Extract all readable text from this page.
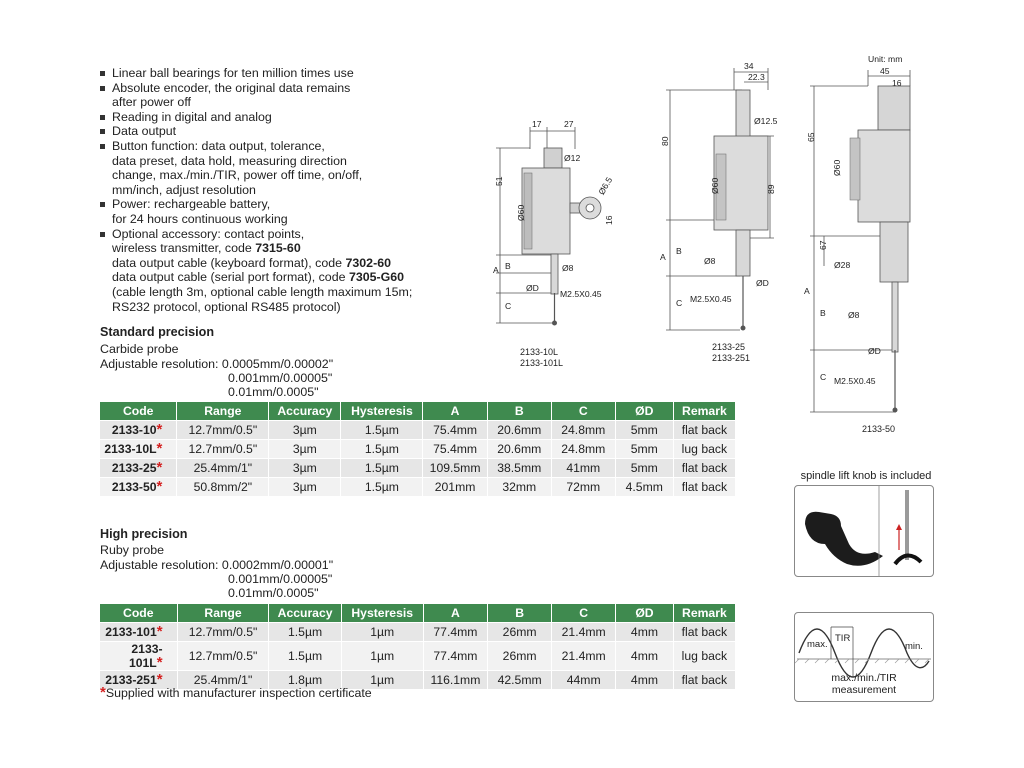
Linear ball bearings for ten million times use
Absolute encoder, the original data remains
after power off
Reading in digital and analog
Data output
Button function: data output, tolerance,
data preset, data hold, measuring direction
change, max./min./TIR, power off time, on/off,
mm/inch, adjust resolution
Power: rechargeable battery,
for 24 hours continuous working
Optional accessory: contact points,
wireless transmitter, code 7315-60
data output cable (keyboard format), code 7302-60
data output cable (serial port format), code 7305-G60
(cable length 3m, optional cable length maximum 15m;
RS232 protocol, optional RS485 protocol)
Standard precision
Carbide probe
Adjustable resolution: 0.0005mm/0.00002"
0.001mm/0.00005"
0.01mm/0.0005"
Code	Range	Accuracy	Hysteresis	A	B	C	ØD	Remark
2133-10*	12.7mm/0.5"	3µm	1.5µm	75.4mm	20.6mm	24.8mm	5mm	flat back
2133-10L*	12.7mm/0.5"	3µm	1.5µm	75.4mm	20.6mm	24.8mm	5mm	lug back
2133-25*	25.4mm/1"	3µm	1.5µm	109.5mm	38.5mm	41mm	5mm	flat back
2133-50*	50.8mm/2"	3µm	1.5µm	201mm	32mm	72mm	4.5mm	flat back
High precision
Ruby probe
Adjustable resolution: 0.0002mm/0.00001"
0.001mm/0.00005"
0.01mm/0.0005"
Code	Range	Accuracy	Hysteresis	A	B	C	ØD	Remark
2133-101*	12.7mm/0.5"	1.5µm	1µm	77.4mm	26mm	21.4mm	4mm	flat back
2133-101L*	12.7mm/0.5"	1.5µm	1µm	77.4mm	26mm	21.4mm	4mm	lug back
2133-251*	25.4mm/1"	1.8µm	1µm	116.1mm	42.5mm	44mm	4mm	flat back
*Supplied with manufacturer inspection certificate
17	27
51
Ø60
Ø12
Ø6.5
16
Ø8
A B
C
ØD
M2.5X0.45
2133-10L
2133-101L
34
22.3
80
89
Ø60
Ø12.5
Ø8
A
B
C
ØD
M2.5X0.45
2133-25
2133-251
Unit: mm
45
16
65
67
Ø60
Ø28
Ø8
A
B
C
ØD
M2.5X0.45
2133-50
spindle lift knob is included
max.
TIR
min.
max./min./TIR
measurement
